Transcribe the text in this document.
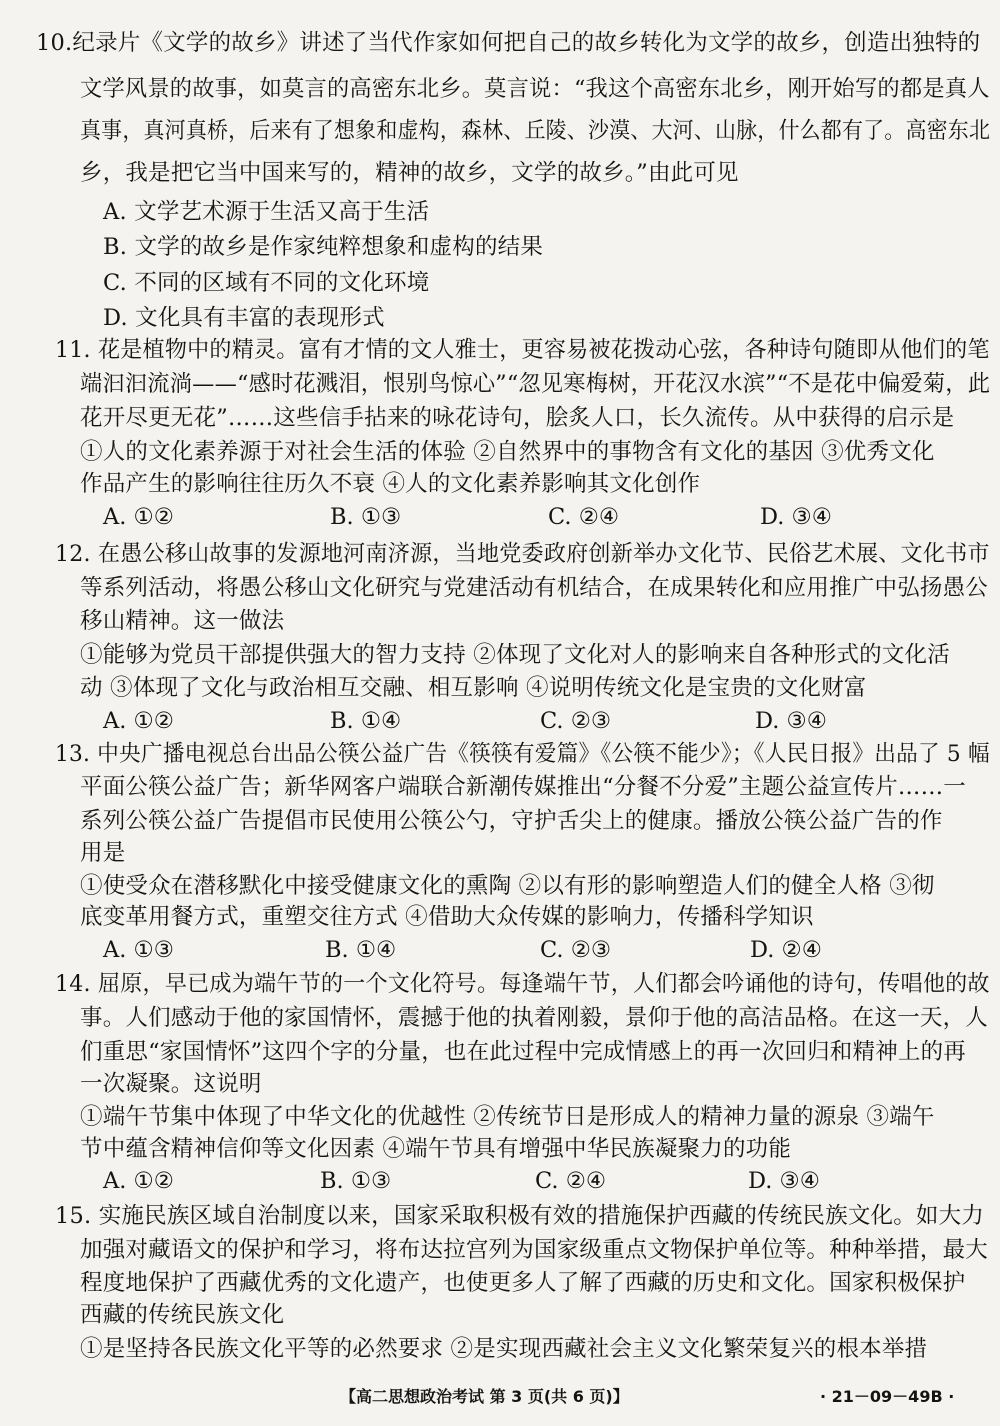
10.纪录片《文学的故乡》讲述了当代作家如何把自己的故乡转化为文学的故乡，创造出独特的
文学风景的故事，如莫言的高密东北乡。莫言说：“我这个高密东北乡，刚开始写的都是真人
真事，真河真桥，后来有了想象和虚构，森林、丘陵、沙漠、大河、山脉，什么都有了。高密东北
乡，我是把它当中国来写的，精神的故乡，文学的故乡。”由此可见
A. 文学艺术源于生活又高于生活
B. 文学的故乡是作家纯粹想象和虚构的结果
C. 不同的区域有不同的文化环境
D. 文化具有丰富的表现形式
11. 花是植物中的精灵。富有才情的文人雅士，更容易被花拨动心弦，各种诗句随即从他们的笔
端汩汩流淌——“感时花溅泪，恨别鸟惊心”“忽见寒梅树，开花汉水滨”“不是花中偏爱菊，此
花开尽更无花”……这些信手拈来的咏花诗句，脍炙人口，长久流传。从中获得的启示是
①人的文化素养源于对社会生活的体验 ②自然界中的事物含有文化的基因 ③优秀文化
作品产生的影响往往历久不衰 ④人的文化素养影响其文化创作
A. ①②	B. ①③	C. ②④	D. ③④
12. 在愚公移山故事的发源地河南济源，当地党委政府创新举办文化节、民俗艺术展、文化书市
等系列活动，将愚公移山文化研究与党建活动有机结合，在成果转化和应用推广中弘扬愚公
移山精神。这一做法
①能够为党员干部提供强大的智力支持 ②体现了文化对人的影响来自各种形式的文化活
动 ③体现了文化与政治相互交融、相互影响 ④说明传统文化是宝贵的文化财富
A. ①②	B. ①④	C. ②③	D. ③④
13. 中央广播电视总台出品公筷公益广告《筷筷有爱篇》《公筷不能少》；《人民日报》出品了 5 幅
平面公筷公益广告；新华网客户端联合新潮传媒推出“分餐不分爱”主题公益宣传片……一
系列公筷公益广告提倡市民使用公筷公勺，守护舌尖上的健康。播放公筷公益广告的作
用是
①使受众在潜移默化中接受健康文化的熏陶 ②以有形的影响塑造人们的健全人格 ③彻
底变革用餐方式，重塑交往方式 ④借助大众传媒的影响力，传播科学知识
A. ①③	B. ①④	C. ②③	D. ②④
14. 屈原，早已成为端午节的一个文化符号。每逢端午节，人们都会吟诵他的诗句，传唱他的故
事。人们感动于他的家国情怀，震撼于他的执着刚毅，景仰于他的高洁品格。在这一天，人
们重思“家国情怀”这四个字的分量，也在此过程中完成情感上的再一次回归和精神上的再
一次凝聚。这说明
①端午节集中体现了中华文化的优越性 ②传统节日是形成人的精神力量的源泉 ③端午
节中蕴含精神信仰等文化因素 ④端午节具有增强中华民族凝聚力的功能
A. ①②	B. ①③	C. ②④	D. ③④
15. 实施民族区域自治制度以来，国家采取积极有效的措施保护西藏的传统民族文化。如大力
加强对藏语文的保护和学习，将布达拉宫列为国家级重点文物保护单位等。种种举措，最大
程度地保护了西藏优秀的文化遗产，也使更多人了解了西藏的历史和文化。国家积极保护
西藏的传统民族文化
①是坚持各民族文化平等的必然要求 ②是实现西藏社会主义文化繁荣复兴的根本举措
【高二思想政治考试 第 3 页(共 6 页)】	· 21－09－49B ·
